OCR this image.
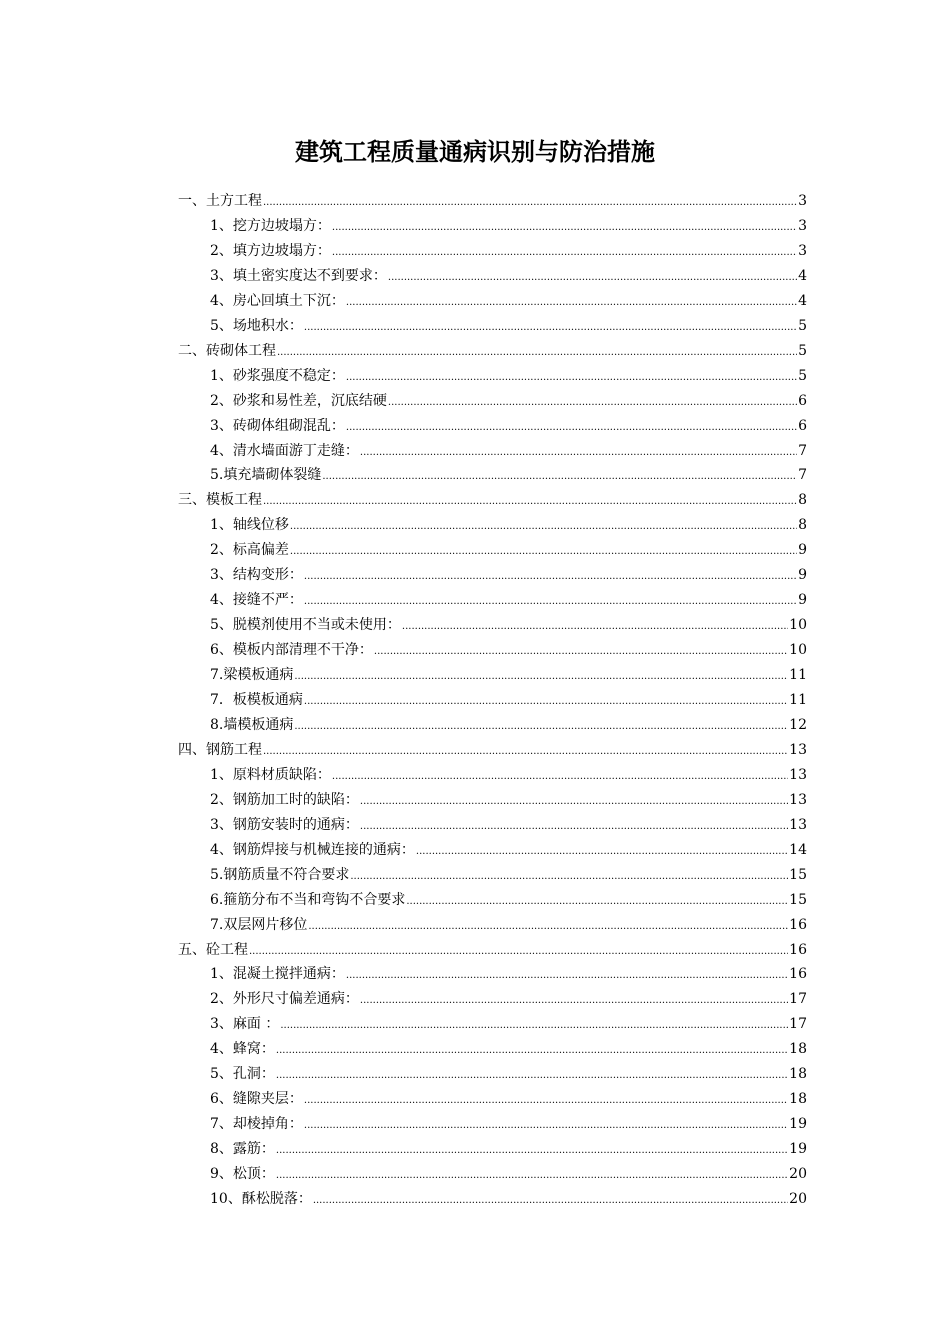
建筑工程质量通病识别与防治措施
一、土方工程 .....	3
1、挖方边坡塌方： .....	3
2、填方边坡塌方： .....	3
3、填土密实度达不到要求： .....	4
4、房心回填土下沉： .....	4
5、场地积水： .....	5
二、砖砌体工程 .....	5
1、砂浆强度不稳定： .....	5
2、砂浆和易性差，沉底结硬 .....	6
3、砖砌体组砌混乱： .....	6
4、清水墙面游丁走缝： .....	7
5.填充墙砌体裂缝 .....	7
三、模板工程 .....	8
1、轴线位移 .....	8
2、标高偏差 .....	9
3、结构变形： .....	9
4、接缝不严： .....	9
5、脱模剂使用不当或未使用： .....	10
6、模板内部清理不干净： .....	10
7.梁模板通病 .....	11
7．板模板通病 .....	11
8.墙模板通病 .....	12
四、钢筋工程 .....	13
1、原料材质缺陷： .....	13
2、钢筋加工时的缺陷： .....	13
3、钢筋安装时的通病： .....	13
4、钢筋焊接与机械连接的通病： .....	14
5.钢筋质量不符合要求 .....	15
6.箍筋分布不当和弯钩不合要求 .....	15
7.双层网片移位 .....	16
五、砼工程 .....	16
1、混凝土搅拌通病： .....	16
2、外形尺寸偏差通病： .....	17
3、麻面 ： .....	17
4、蜂窝： .....	18
5、孔洞： .....	18
6、缝隙夹层： .....	18
7、却棱掉角： .....	19
8、露筋： .....	19
9、松顶： .....	20
10、酥松脱落： .....	20
